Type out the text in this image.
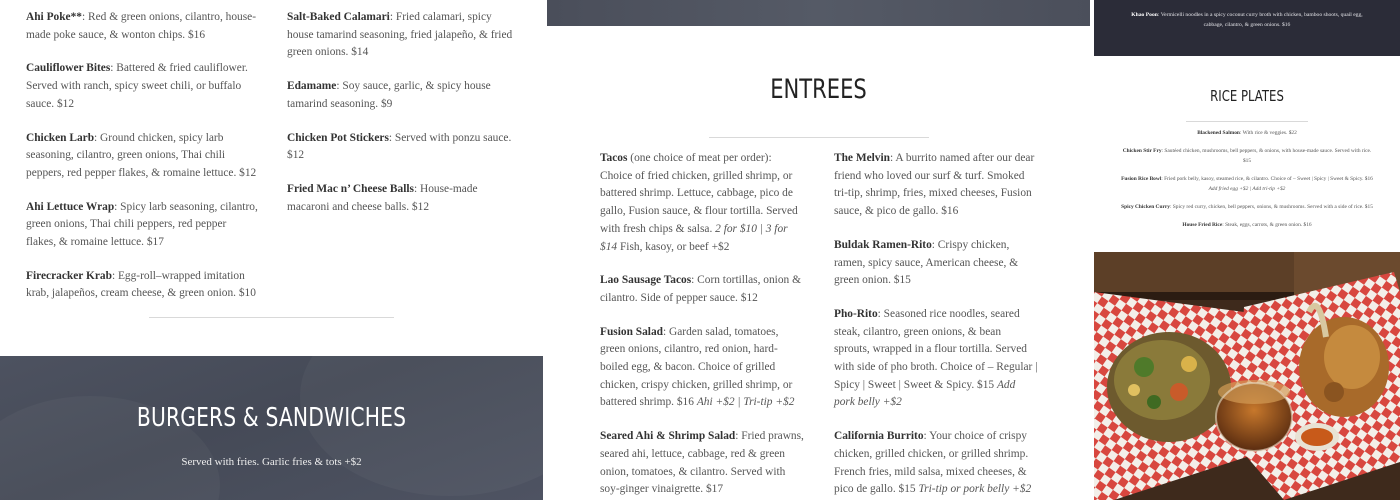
Ahi Poke**: Red & green onions, cilantro, house-made poke sauce, & wonton chips. $16
Cauliflower Bites: Battered & fried cauliflower. Served with ranch, spicy sweet chili, or buffalo sauce. $12
Chicken Larb: Ground chicken, spicy larb seasoning, cilantro, green onions, Thai chili peppers, red pepper flakes, & romaine lettuce. $12
Ahi Lettuce Wrap: Spicy larb seasoning, cilantro, green onions, Thai chili peppers, red pepper flakes, & romaine lettuce. $17
Firecracker Krab: Egg-roll–wrapped imitation krab, jalapeños, cream cheese, & green onion. $10
Salt-Baked Calamari: Fried calamari, spicy house tamarind seasoning, fried jalapeño, & fried green onions. $14
Edamame: Soy sauce, garlic, & spicy house tamarind seasoning. $9
Chicken Pot Stickers: Served with ponzu sauce. $12
Fried Mac n’ Cheese Balls: House-made macaroni and cheese balls. $12
BURGERS & SANDWICHES
Served with fries. Garlic fries & tots +$2
ENTREES
Tacos (one choice of meat per order): Choice of fried chicken, grilled shrimp, or battered shrimp. Lettuce, cabbage, pico de gallo, Fusion sauce, & flour tortilla. Served with fresh chips & salsa. 2 for $10 | 3 for $14 Fish, kasoy, or beef +$2
Lao Sausage Tacos: Corn tortillas, onion & cilantro. Side of pepper sauce. $12
Fusion Salad: Garden salad, tomatoes, green onions, cilantro, red onion, hard-boiled egg, & bacon. Choice of grilled chicken, crispy chicken, grilled shrimp, or battered shrimp. $16 Ahi +$2 | Tri-tip +$2
Seared Ahi & Shrimp Salad: Fried prawns, seared ahi, lettuce, cabbage, red & green onion, tomatoes, & cilantro. Served with soy-ginger vinaigrette. $17
The Melvin: A burrito named after our dear friend who loved our surf & turf. Smoked tri-tip, shrimp, fries, mixed cheeses, Fusion sauce, & pico de gallo. $16
Buldak Ramen-Rito: Crispy chicken, ramen, spicy sauce, American cheese, & green onion. $15
Pho-Rito: Seasoned rice noodles, seared steak, cilantro, green onions, & bean sprouts, wrapped in a flour tortilla. Served with side of pho broth. Choice of – Regular | Spicy | Sweet | Sweet & Spicy. $15 Add pork belly +$2
California Burrito: Your choice of crispy chicken, grilled chicken, or grilled shrimp. French fries, mild salsa, mixed cheeses, & pico de gallo. $15 Tri-tip or pork belly +$2
Khao Poon: Vermicelli noodles in a spicy coconut curry broth with chicken, bamboo shoots, quail egg, cabbage, cilantro, & green onions. $16
RICE PLATES
Blackened Salmon: With rice & veggies. $22
Chicken Stir Fry: Sautéed chicken, mushrooms, bell peppers, & onions, with house-made sauce. Served with rice. $15
Fusion Rice Bowl: Fried pork belly, kasoy, steamed rice, & cilantro. Choice of – Sweet | Spicy | Sweet & Spicy. $16 Add fried egg +$2 | Add tri-tip +$2
Spicy Chicken Curry: Spicy red curry, chicken, bell peppers, onions, & mushrooms. Served with a side of rice. $15
House Fried Rice: Steak, eggs, carrots, & green onion. $16
